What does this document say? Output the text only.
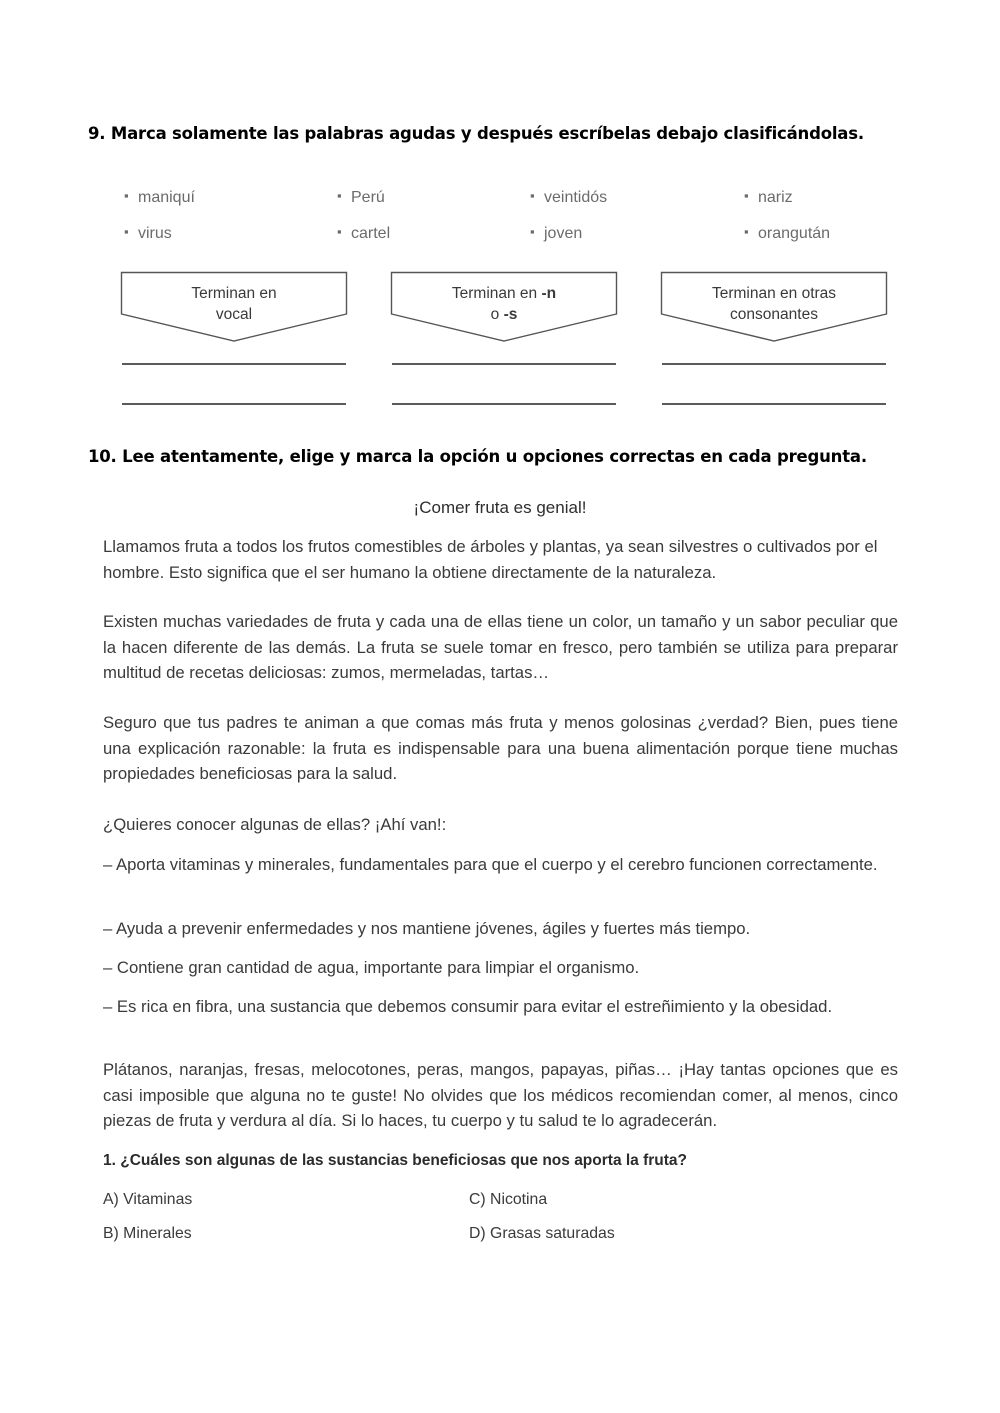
9. Marca solamente las palabras agudas y después escríbelas debajo clasificándolas.
▪ maniquí
▪ virus
▪ Perú
▪ cartel
▪ veintidós
▪ joven
▪ nariz
▪ orangután
Terminan en
vocal
Terminan en -n
o -s
Terminan en otras
consonantes
10. Lee atentamente, elige y marca la opción u opciones correctas en cada pregunta.
¡Comer fruta es genial!
Llamamos fruta a todos los frutos comestibles de árboles y plantas, ya sean silvestres o cultivados por el hombre. Esto significa que el ser humano la obtiene directamente de la naturaleza.
Existen muchas variedades de fruta y cada una de ellas tiene un color, un tamaño y un sabor peculiar que la hacen diferente de las demás. La fruta se suele tomar en fresco, pero también se utiliza para preparar multitud de recetas deliciosas: zumos, mermeladas, tartas…
Seguro que tus padres te animan a que comas más fruta y menos golosinas ¿verdad? Bien, pues tiene una explicación razonable: la fruta es indispensable para una buena alimentación porque tiene muchas propiedades beneficiosas para la salud.
¿Quieres conocer algunas de ellas? ¡Ahí van!:
– Aporta vitaminas y minerales, fundamentales para que el cuerpo y el cerebro funcionen correctamente.
– Ayuda a prevenir enfermedades y nos mantiene jóvenes, ágiles y fuertes más tiempo.
– Contiene gran cantidad de agua, importante para limpiar el organismo.
– Es rica en fibra, una sustancia que debemos consumir para evitar el estreñimiento y la obesidad.
Plátanos, naranjas, fresas, melocotones, peras, mangos, papayas, piñas… ¡Hay tantas opciones que es casi imposible que alguna no te guste! No olvides que los médicos recomiendan comer, al menos, cinco piezas de fruta y verdura al día. Si lo haces, tu cuerpo y tu salud te lo agradecerán.
1. ¿Cuáles son algunas de las sustancias beneficiosas que nos aporta la fruta?
A) Vitaminas
B) Minerales
C) Nicotina
D) Grasas saturadas
